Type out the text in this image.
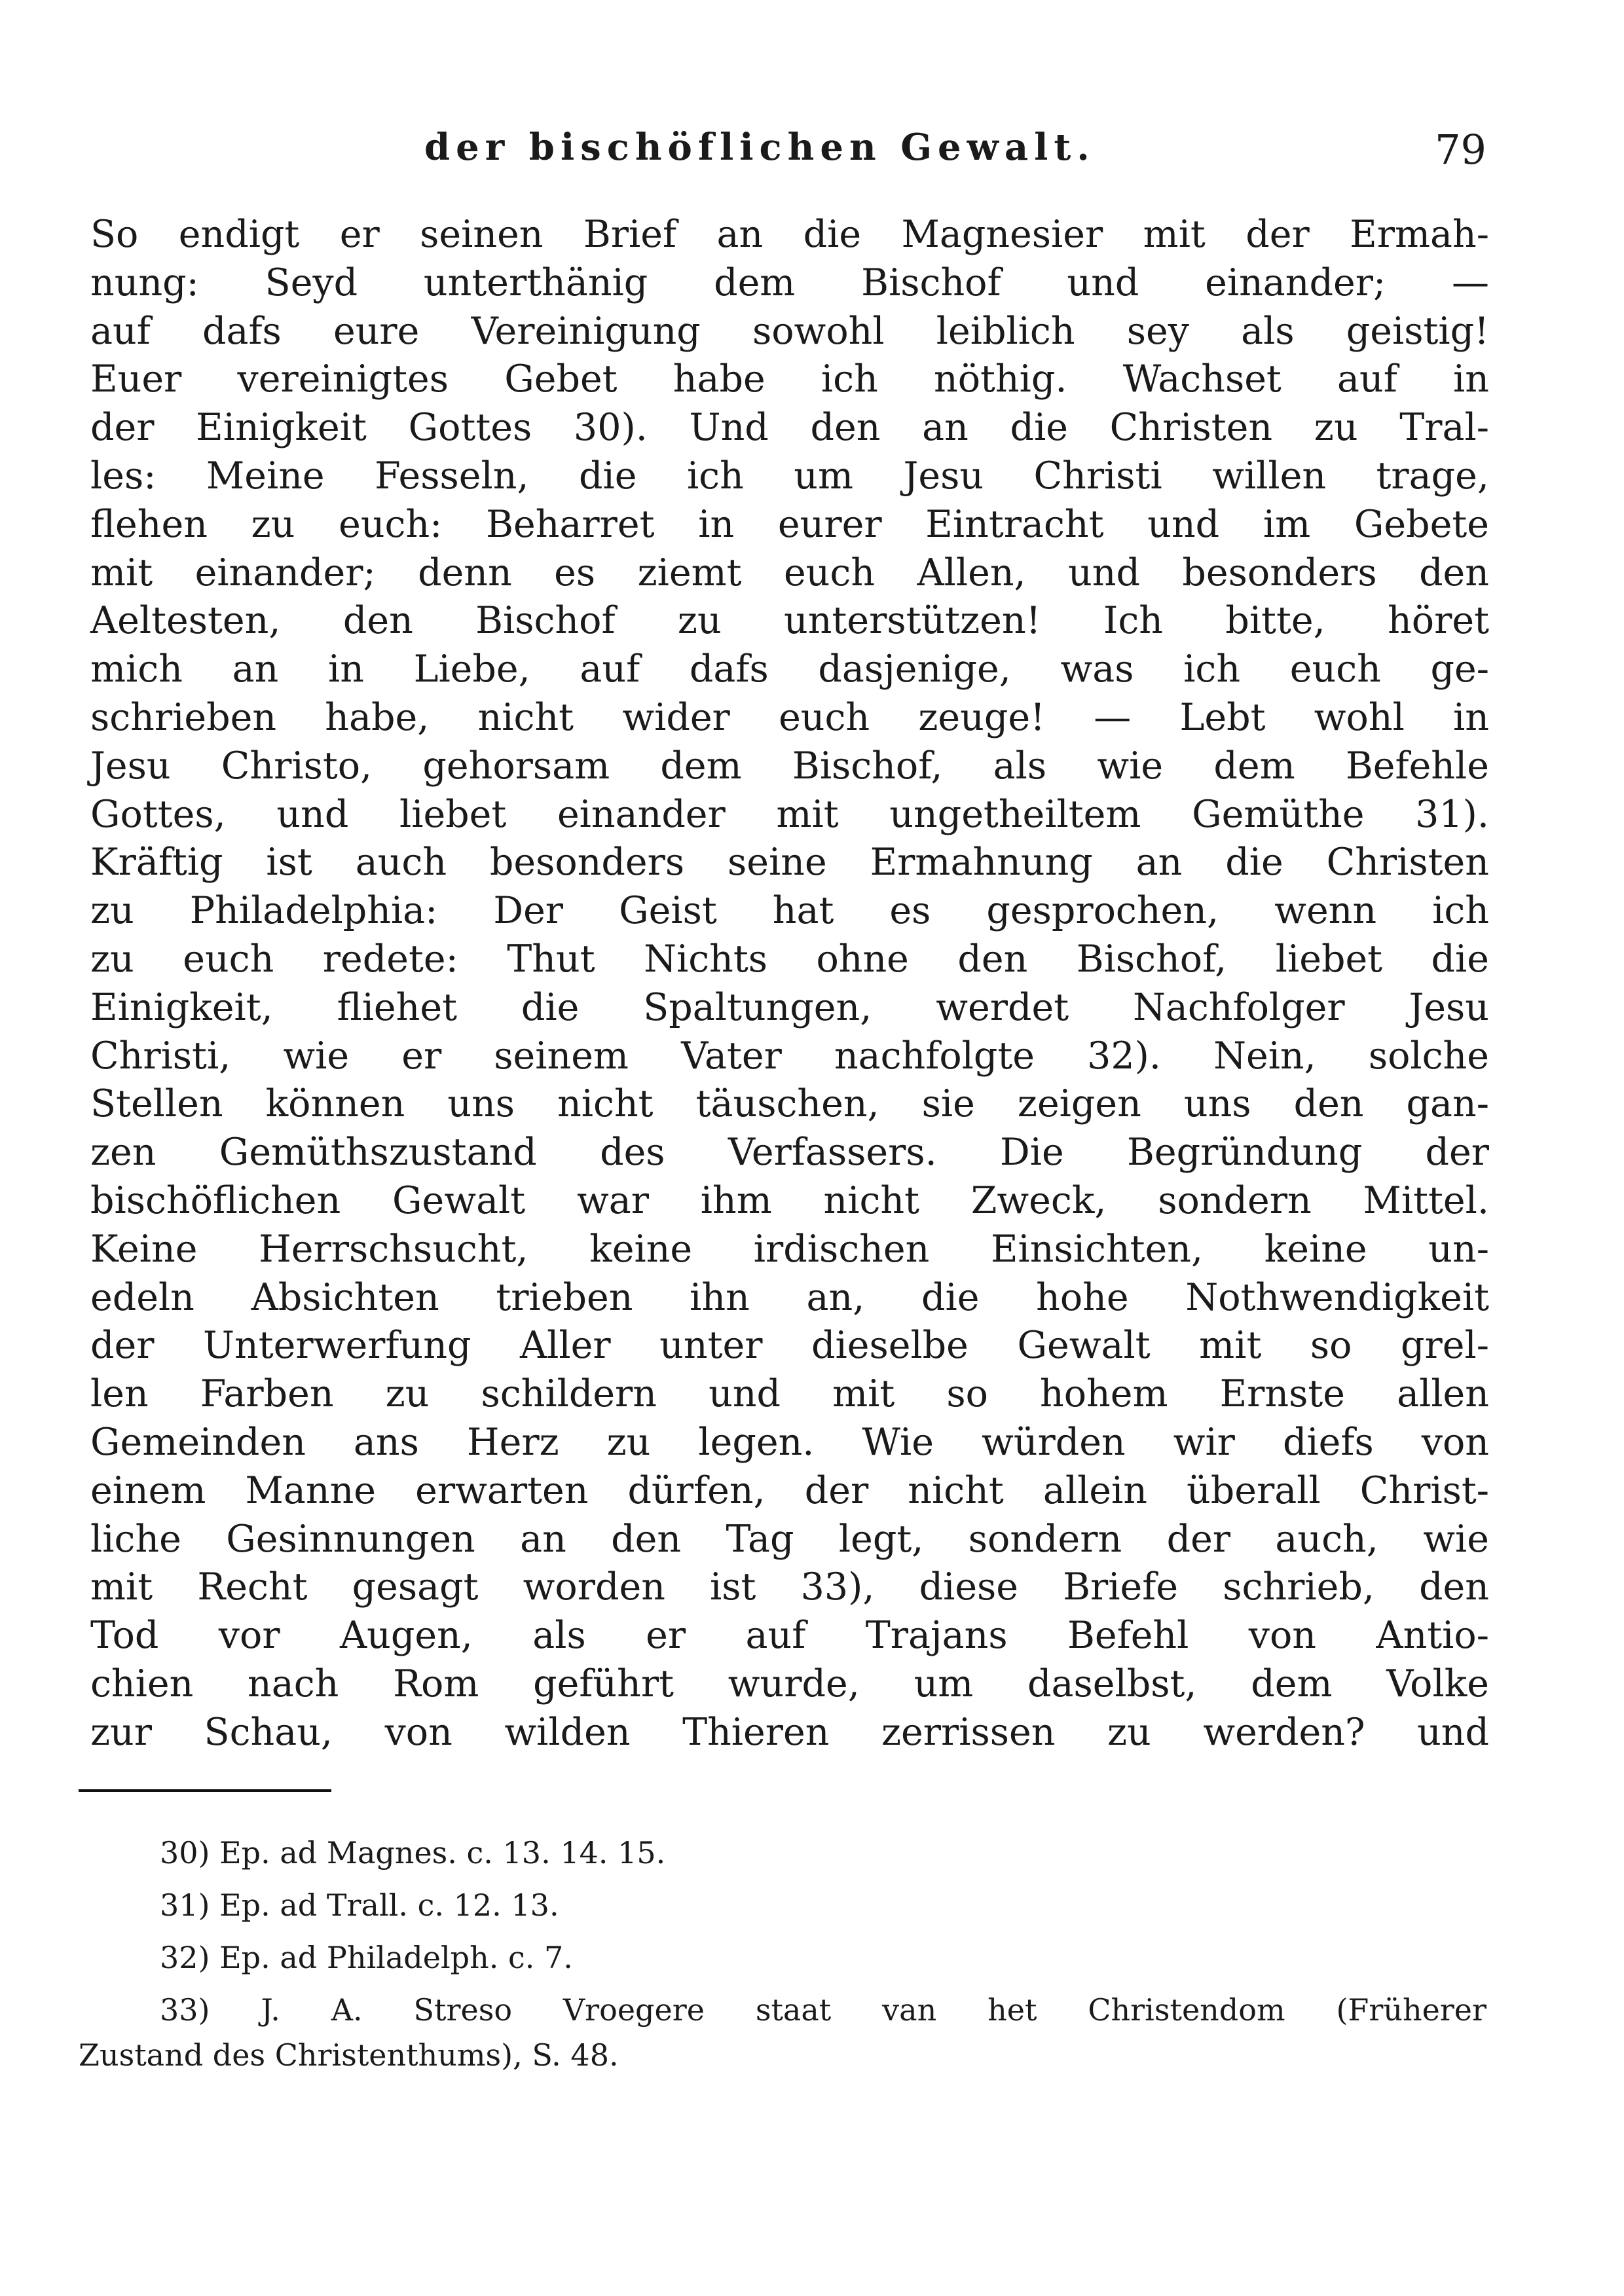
der bischöflichen Gewalt.	79
So endigt er seinen Brief an die Magnesier mit der Ermah-
nung: Seyd unterthänig dem Bischof und einander; —
auf dafs eure Vereinigung sowohl leiblich sey als geistig!
Euer vereinigtes Gebet habe ich nöthig. Wachset auf in
der Einigkeit Gottes 30). Und den an die Christen zu Tral-
les: Meine Fesseln, die ich um Jesu Christi willen trage,
flehen zu euch: Beharret in eurer Eintracht und im Gebete
mit einander; denn es ziemt euch Allen, und besonders den
Aeltesten, den Bischof zu unterstützen! Ich bitte, höret
mich an in Liebe, auf dafs dasjenige, was ich euch ge-
schrieben habe, nicht wider euch zeuge! — Lebt wohl in
Jesu Christo, gehorsam dem Bischof, als wie dem Befehle
Gottes, und liebet einander mit ungetheiltem Gemüthe 31).
Kräftig ist auch besonders seine Ermahnung an die Christen
zu Philadelphia: Der Geist hat es gesprochen, wenn ich
zu euch redete: Thut Nichts ohne den Bischof, liebet die
Einigkeit, fliehet die Spaltungen, werdet Nachfolger Jesu
Christi, wie er seinem Vater nachfolgte 32). Nein, solche
Stellen können uns nicht täuschen, sie zeigen uns den gan-
zen Gemüthszustand des Verfassers. Die Begründung der
bischöflichen Gewalt war ihm nicht Zweck, sondern Mittel.
Keine Herrschsucht, keine irdischen Einsichten, keine un-
edeln Absichten trieben ihn an, die hohe Nothwendigkeit
der Unterwerfung Aller unter dieselbe Gewalt mit so grel-
len Farben zu schildern und mit so hohem Ernste allen
Gemeinden ans Herz zu legen. Wie würden wir diefs von
einem Manne erwarten dürfen, der nicht allein überall Christ-
liche Gesinnungen an den Tag legt, sondern der auch, wie
mit Recht gesagt worden ist 33), diese Briefe schrieb, den
Tod vor Augen, als er auf Trajans Befehl von Antio-
chien nach Rom geführt wurde, um daselbst, dem Volke
zur Schau, von wilden Thieren zerrissen zu werden? und
30) Ep. ad Magnes. c. 13. 14. 15.
31) Ep. ad Trall. c. 12. 13.
32) Ep. ad Philadelph. c. 7.
33) J. A. Streso Vroegere staat van het Christendom (Früherer
Zustand des Christenthums), S. 48.
